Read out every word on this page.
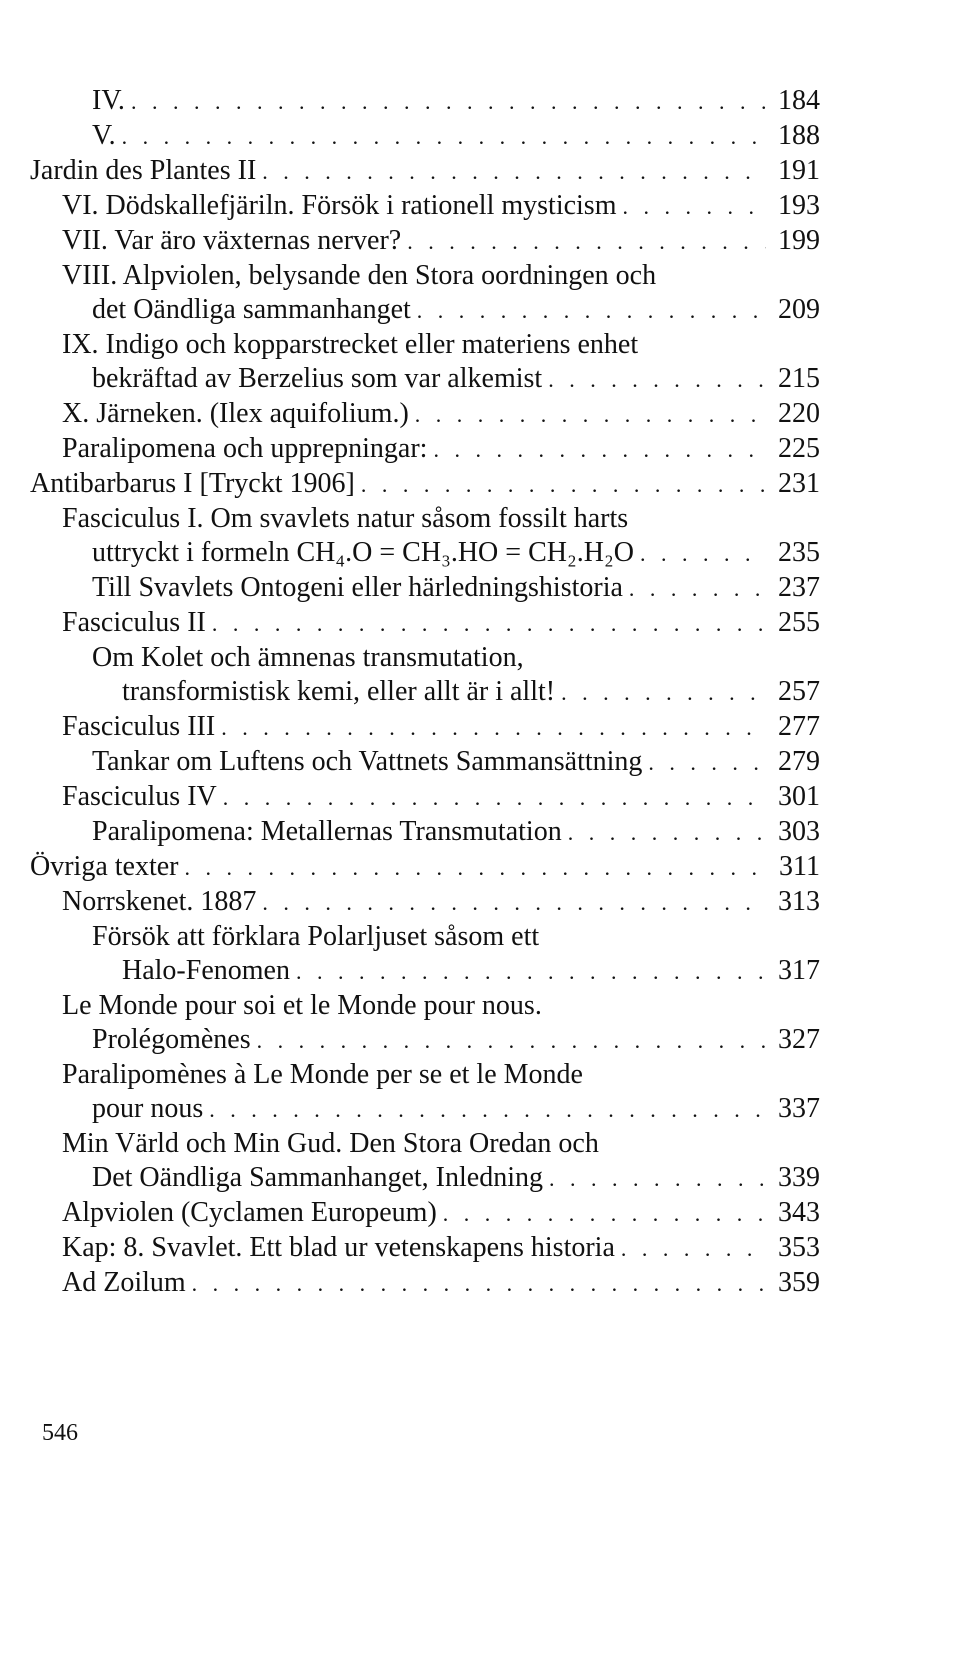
IV. . . .	184
V. . . .	188
Jardin des Plantes II . . .	191
VI. Dödskallefjäriln. Försök i rationell mysticism . . .	193
VII. Var äro växternas nerver? . . .	199
VIII. Alpviolen, belysande den Stora oordningen och
det Oändliga sammanhanget . . .	209
IX. Indigo och kopparstrecket eller materiens enhet
bekräftad av Berzelius som var alkemist . . .	215
X. Järneken. (Ilex aquifolium.) . . .	220
Paralipomena och upprepningar: . . .	225
Antibarbarus I [Tryckt 1906] . . .	231
Fasciculus I. Om svavlets natur såsom fossilt harts
uttryckt i formeln CH₄.O = CH₃.HO = CH₂.H₂O . . .	235
Till Svavlets Ontogeni eller härledningshistoria . . .	237
Fasciculus II . . .	255
Om Kolet och ämnenas transmutation,
transformistisk kemi, eller allt är i allt! . . .	257
Fasciculus III . . .	277
Tankar om Luftens och Vattnets Sammansättning . . .	279
Fasciculus IV . . .	301
Paralipomena: Metallernas Transmutation . . .	303
Övriga texter . . .	311
Norrskenet. 1887 . . .	313
Försök att förklara Polarljuset såsom ett
Halo-Fenomen . . .	317
Le Monde pour soi et le Monde pour nous.
Prolégomènes . . .	327
Paralipomènes à Le Monde per se et le Monde
pour nous . . .	337
Min Värld och Min Gud. Den Stora Oredan och
Det Oändliga Sammanhanget, Inledning . . .	339
Alpviolen (Cyclamen Europeum) . . .	343
Kap: 8. Svavlet. Ett blad ur vetenskapens historia . . .	353
Ad Zoilum . . .	359
546
